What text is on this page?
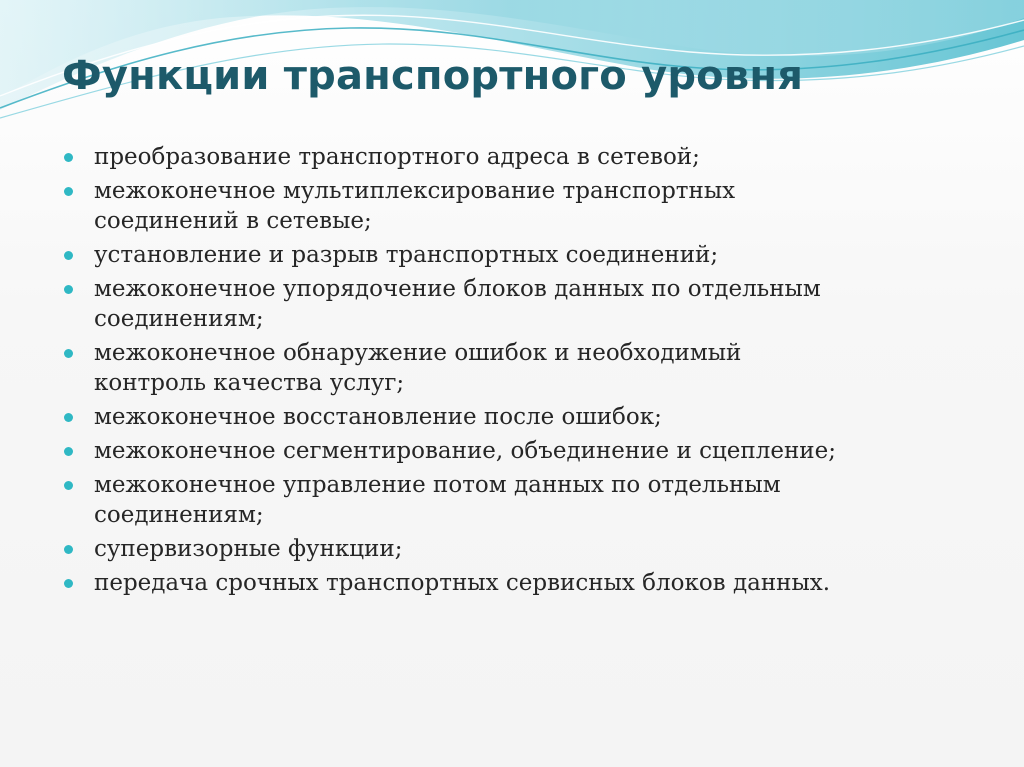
Функции транспортного уровня
преобразование транспортного адреса в сетевой;
межоконечное мультиплексирование транспортных
соединений в сетевые;
установление и разрыв транспортных соединений;
межоконечное упорядочение блоков данных по отдельным
соединениям;
межоконечное обнаружение ошибок и необходимый
контроль качества услуг;
межоконечное восстановление после ошибок;
межоконечное сегментирование, объединение и сцепление;
межоконечное управление потом данных по отдельным
соединениям;
супервизорные функции;
передача срочных транспортных сервисных блоков данных.
